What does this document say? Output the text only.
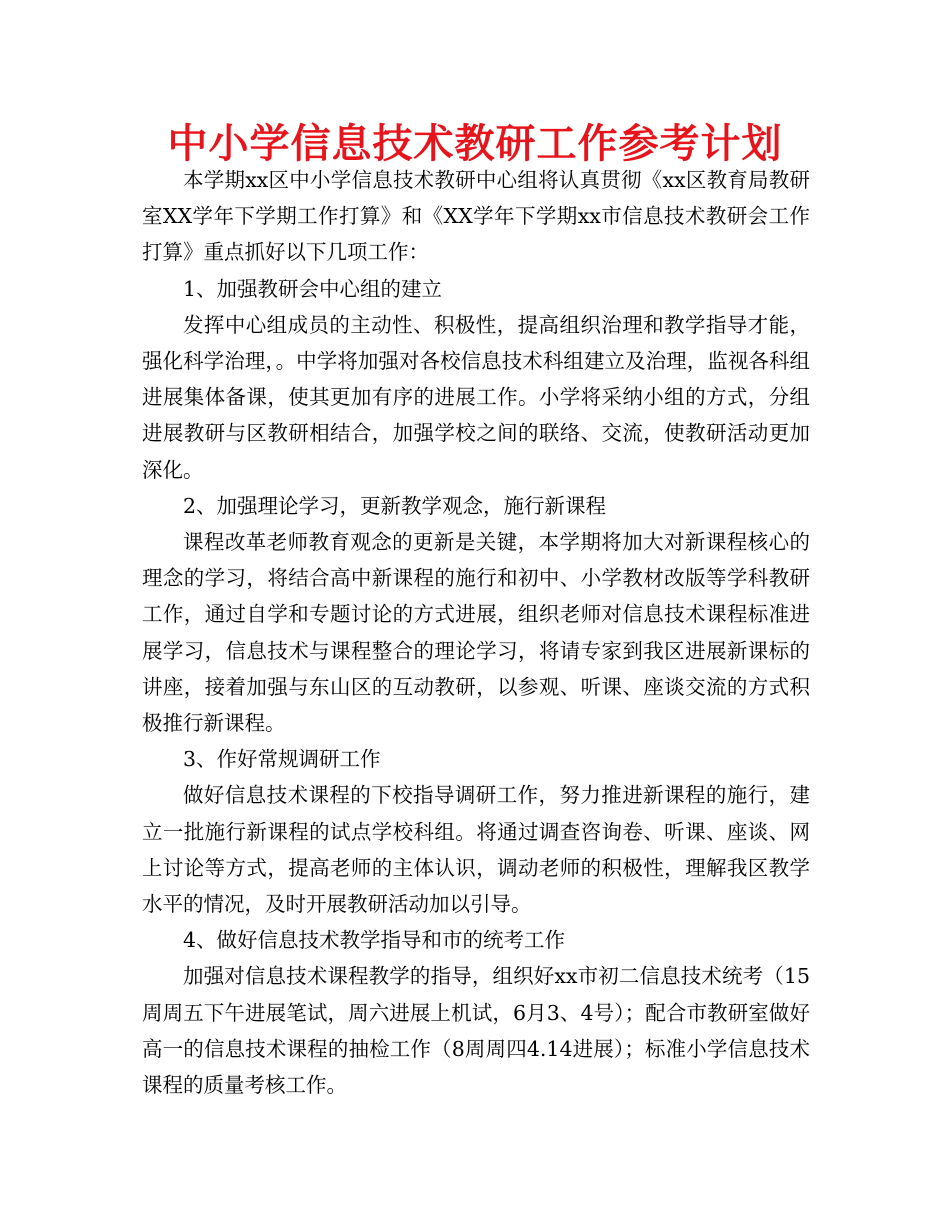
中小学信息技术教研工作参考计划

本学期xx区中小学信息技术教研中心组将认真贯彻《xx区教育局教研室XX学年下学期工作打算》和《XX学年下学期xx市信息技术教研会工作打算》重点抓好以下几项工作：

1、加强教研会中心组的建立

发挥中心组成员的主动性、积极性，提高组织治理和教学指导才能，强化科学治理，。中学将加强对各校信息技术科组建立及治理，监视各科组进展集体备课，使其更加有序的进展工作。小学将采纳小组的方式，分组进展教研与区教研相结合，加强学校之间的联络、交流，使教研活动更加深化。

2、加强理论学习，更新教学观念，施行新课程

课程改革老师教育观念的更新是关键，本学期将加大对新课程核心的理念的学习，将结合高中新课程的施行和初中、小学教材改版等学科教研工作，通过自学和专题讨论的方式进展，组织老师对信息技术课程标准进展学习，信息技术与课程整合的理论学习，将请专家到我区进展新课标的讲座，接着加强与东山区的互动教研，以参观、听课、座谈交流的方式积极推行新课程。

3、作好常规调研工作

做好信息技术课程的下校指导调研工作，努力推进新课程的施行，建立一批施行新课程的试点学校科组。将通过调查咨询卷、听课、座谈、网上讨论等方式，提高老师的主体认识，调动老师的积极性，理解我区教学水平的情况，及时开展教研活动加以引导。

4、做好信息技术教学指导和市的统考工作

加强对信息技术课程教学的指导，组织好xx市初二信息技术统考（15周周五下午进展笔试，周六进展上机试，6月3、4号）；配合市教研室做好高一的信息技术课程的抽检工作（8周周四4.14进展）；标准小学信息技术课程的质量考核工作。
